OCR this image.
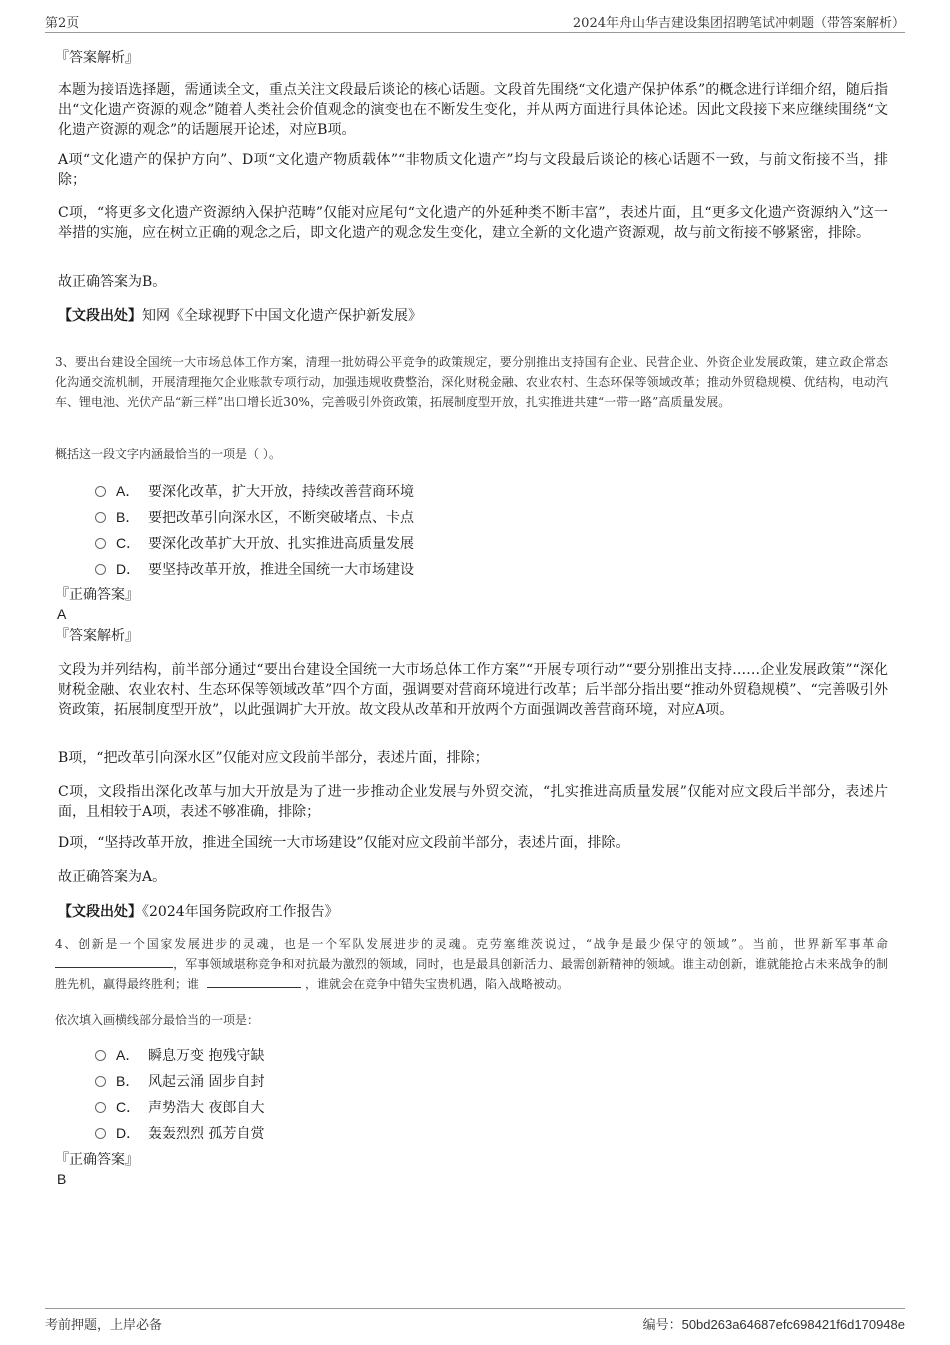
第2页	2024年舟山华吉建设集团招聘笔试冲刺题（带答案解析）
『答案解析』
本题为接语选择题，需通读全文，重点关注文段最后谈论的核心话题。文段首先围绕“文化遗产保护体系”的概念进行详细介绍，随后指出“文化遗产资源的观念”随着人类社会价值观念的演变也在不断发生变化，并从两方面进行具体论述。因此文段接下来应继续围绕“文化遗产资源的观念”的话题展开论述，对应B项。
A项“文化遗产的保护方向”、D项“文化遗产物质载体”“非物质文化遗产”均与文段最后谈论的核心话题不一致，与前文衔接不当，排除；
C项，“将更多文化遗产资源纳入保护范畴”仅能对应尾句“文化遗产的外延种类不断丰富”，表述片面，且“更多文化遗产资源纳入”这一举措的实施，应在树立正确的观念之后，即文化遗产的观念发生变化，建立全新的文化遗产资源观，故与前文衔接不够紧密，排除。
故正确答案为B。
【文段出处】知网《全球视野下中国文化遗产保护新发展》
3、要出台建设全国统一大市场总体工作方案，清理一批妨碍公平竞争的政策规定，要分别推出支持国有企业、民营企业、外资企业发展政策，建立政企常态化沟通交流机制，开展清理拖欠企业账款专项行动，加强违规收费整治，深化财税金融、农业农村、生态环保等领域改革；推动外贸稳规模、优结构，电动汽车、锂电池、光伏产品“新三样”出口增长近30%，完善吸引外资政策，拓展制度型开放，扎实推进共建“一带一路”高质量发展。
概括这一段文字内涵最恰当的一项是（ ）。
A． 要深化改革，扩大开放，持续改善营商环境
B． 要把改革引向深水区，不断突破堵点、卡点
C． 要深化改革扩大开放、扎实推进高质量发展
D． 要坚持改革开放，推进全国统一大市场建设
『正确答案』
A
『答案解析』
文段为并列结构，前半部分通过“要出台建设全国统一大市场总体工作方案”“开展专项行动”“要分别推出支持……企业发展政策”“深化财税金融、农业农村、生态环保等领域改革”四个方面，强调要对营商环境进行改革；后半部分指出要“推动外贸稳规模”、“完善吸引外资政策，拓展制度型开放”，以此强调扩大开放。故文段从改革和开放两个方面强调改善营商环境，对应A项。
B项，“把改革引向深水区”仅能对应文段前半部分，表述片面，排除；
C项，文段指出深化改革与加大开放是为了进一步推动企业发展与外贸交流，“扎实推进高质量发展”仅能对应文段后半部分，表述片面，且相较于A项，表述不够准确，排除；
D项，“坚持改革开放，推进全国统一大市场建设”仅能对应文段前半部分，表述片面，排除。
故正确答案为A。
【文段出处】《2024年国务院政府工作报告》
4、创新是一个国家发展进步的灵魂，也是一个军队发展进步的灵魂。克劳塞维茨说过，“战争是最少保守的领域”。当前，世界新军事革命，军事领域堪称竞争和对抗最为激烈的领域，同时，也是最具创新活力、最需创新精神的领域。谁主动创新，谁就能抢占未来战争的制胜先机，赢得最终胜利；谁	，谁就会在竞争中错失宝贵机遇，陷入战略被动。
依次填入画横线部分最恰当的一项是：
A． 瞬息万变 抱残守缺
B． 风起云涌 固步自封
C． 声势浩大 夜郎自大
D． 轰轰烈烈 孤芳自赏
『正确答案』
B
考前押题，上岸必备	编号：50bd263a64687efc698421f6d170948e
